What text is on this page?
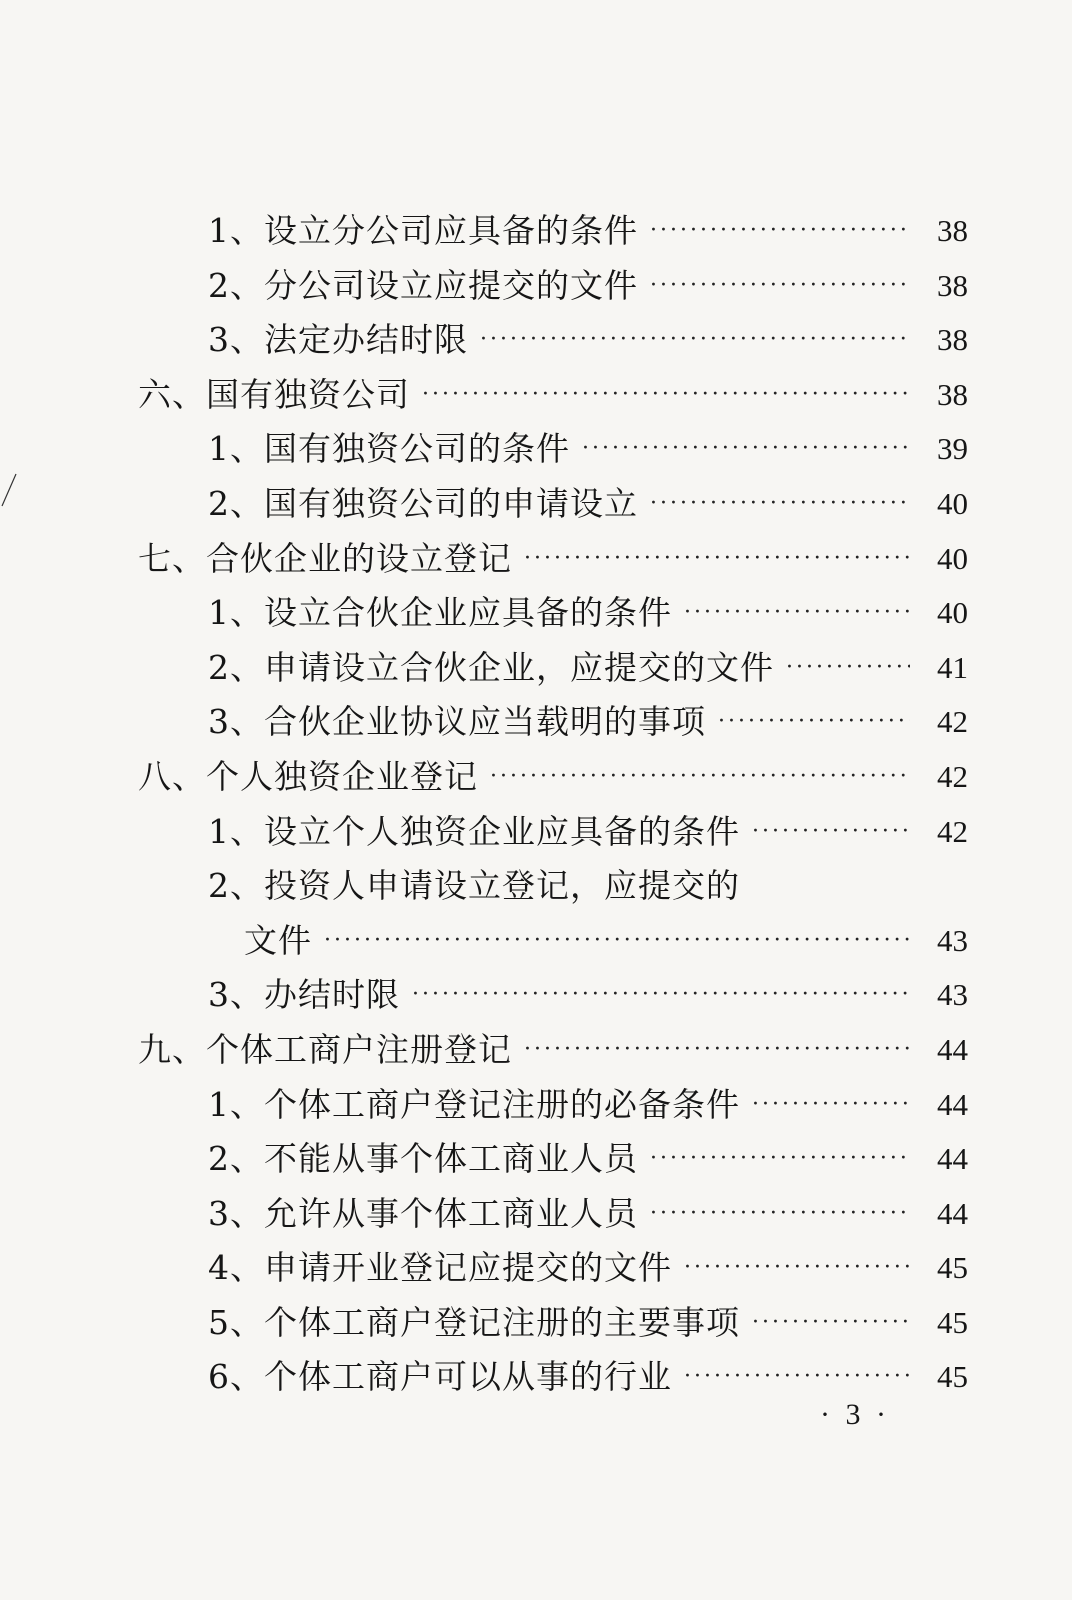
1、设立分公司应具备的条件 ·····	38
2、分公司设立应提交的文件 ·····	38
3、法定办结时限 ·····	38
六、国有独资公司 ·····	38
1、国有独资公司的条件 ·····	39
2、国有独资公司的申请设立 ·····	40
七、合伙企业的设立登记 ·····	40
1、设立合伙企业应具备的条件 ·····	40
2、申请设立合伙企业，应提交的文件 ·····	41
3、合伙企业协议应当载明的事项 ·····	42
八、个人独资企业登记 ·····	42
1、设立个人独资企业应具备的条件 ·····	42
2、投资人申请设立登记，应提交的
文件 ·····	43
3、办结时限 ·····	43
九、个体工商户注册登记 ·····	44
1、个体工商户登记注册的必备条件 ·····	44
2、不能从事个体工商业人员 ·····	44
3、允许从事个体工商业人员 ·····	44
4、申请开业登记应提交的文件 ·····	45
5、个体工商户登记注册的主要事项 ·····	45
6、个体工商户可以从事的行业 ·····	45
· 3 ·
